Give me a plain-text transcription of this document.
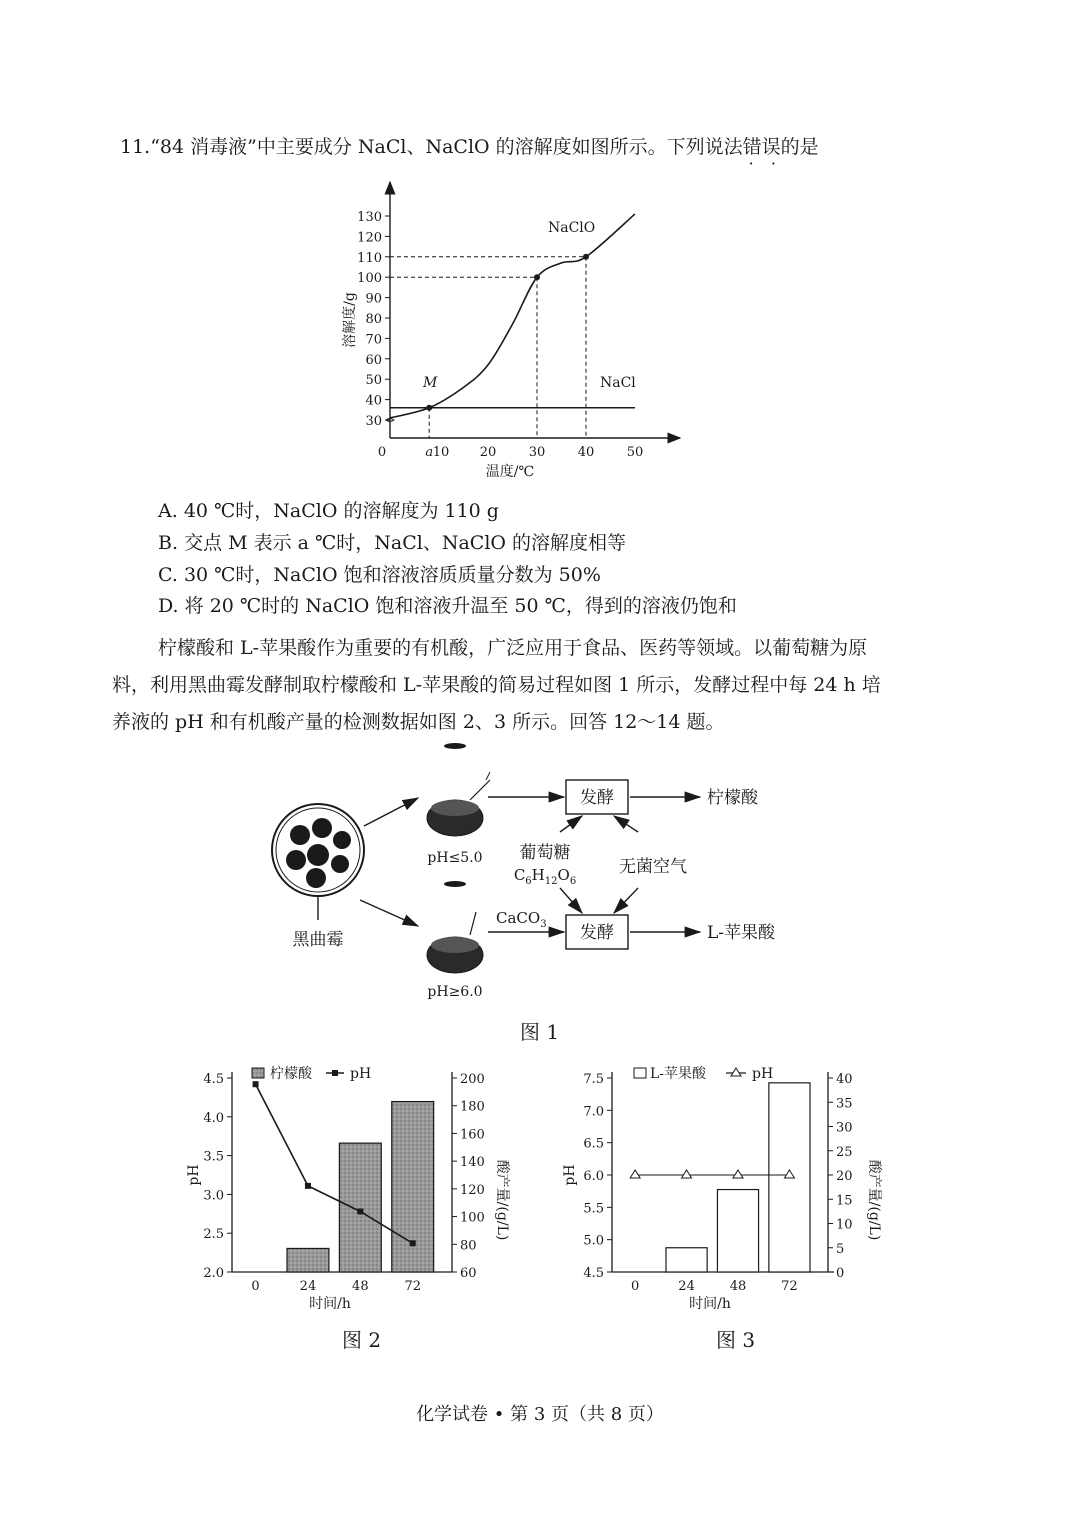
11.“84 消毒液”中主要成分 NaCl、NaClO 的溶解度如图所示。下列说法错误 · ·的是
30
40
50
60
70
80
90
100
110
120
130
0	a 10 20 30 40 50
NaClO
NaCl
M
溶解度/g
温度/℃
A. 40 ℃时，NaClO 的溶解度为 110 g
B. 交点 M 表示 a ℃时，NaCl、NaClO 的溶解度相等
C. 30 ℃时，NaClO 饱和溶液溶质质量分数为 50%
D. 将 20 ℃时的 NaClO 饱和溶液升温至 50 ℃，得到的溶液仍饱和
柠檬酸和 L-苹果酸作为重要的有机酸，广泛应用于食品、医药等领域。以葡萄糖为原
料，利用黑曲霉发酵制取柠檬酸和 L-苹果酸的简易过程如图 1 所示，发酵过程中每 24 h 培
养液的 pH 和有机酸产量的检测数据如图 2、3 所示。回答 12～14 题。
黑曲霉
pH≤5.0
pH≥6.0
发酵
发酵
柠檬酸
L-苹果酸
葡萄糖
$C_6H_{12}O_6$
无菌空气
CaCO$_3$
图 1
2.0
2.5
3.0
3.5
4.0
4.5
60
80
100
120
140
160
180
200
0	24	48	72
pH	酸产量/(g/L)
时间/h
柠檬酸	pH
图 2
4.5
5.0
5.5
6.0
6.5
7.0
7.5
0
5
10
15
20
25
30
35
40
0	24	48	72
pH	酸产量/(g/L)
时间/h
L-苹果酸	pH
图 3
化学试卷 • 第 3 页（共 8 页）
